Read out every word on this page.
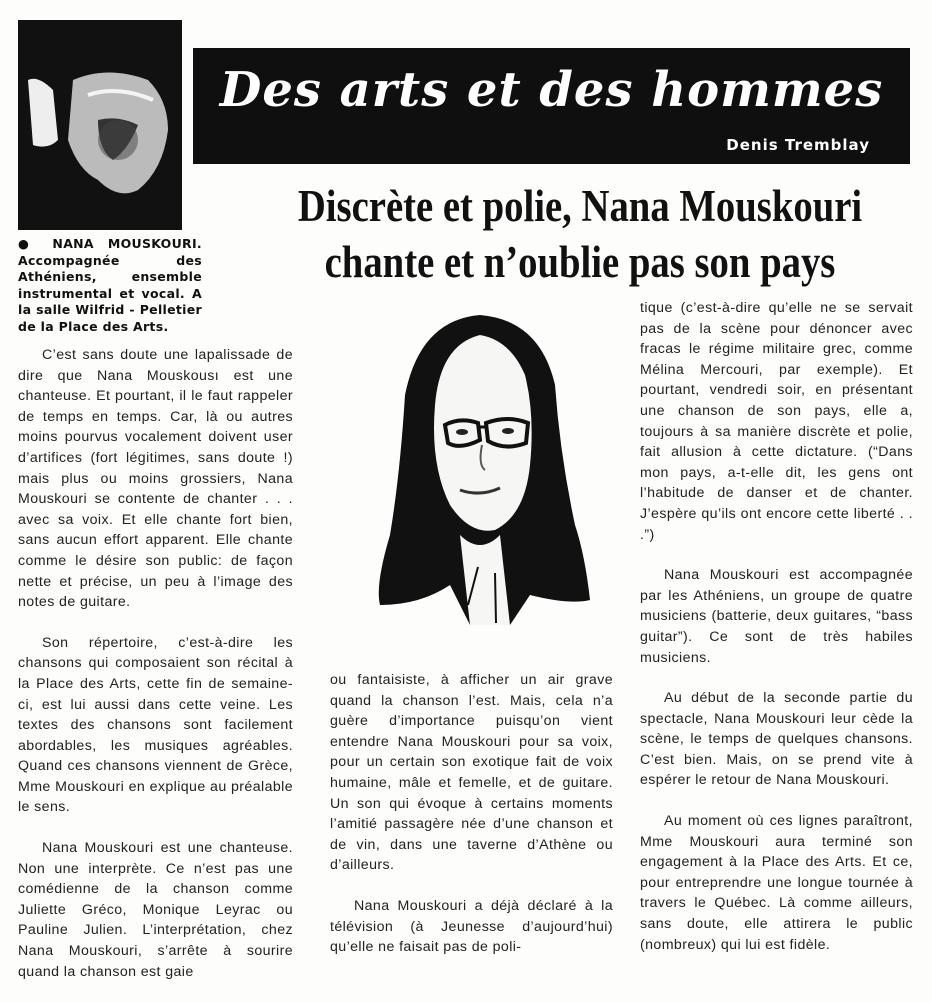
● NANA MOUSKOURI. Accompagnée des Athéniens, ensemble instrumental et vocal. A la salle Wilfrid - Pelletier de la Place des Arts.
Des arts et des hommes
Denis Tremblay
Discrète et polie, Nana Mouskouri
chante et n’oublie pas son pays

C’est sans doute une lapalissade de dire que Nana Mouskousı est une chanteuse. Et pourtant, il le faut rappeler de temps en temps. Car, là ou autres moins pourvus vocalement doivent user d’artifices (fort légitimes, sans doute !) mais plus ou moins grossiers, Nana Mouskouri se contente de chanter . . . avec sa voix. Et elle chante fort bien, sans aucun effort apparent. Elle chante comme le désire son public: de façon nette et précise, un peu à l’image des notes de guitare.

Son répertoire, c’est-à-dire les chansons qui composaient son récital à la Place des Arts, cette fin de semaine-ci, est lui aussi dans cette veine. Les textes des chansons sont facilement abordables, les musiques agréables. Quand ces chansons viennent de Grèce, Mme Mouskouri en explique au préalable le sens.

Nana Mouskouri est une chanteuse. Non une interprète. Ce n’est pas une comédienne de la chanson comme Juliette Gréco, Monique Leyrac ou Pauline Julien. L’interprétation, chez Nana Mouskouri, s’arrête à sourire quand la chanson est gaie

ou fantaisiste, à afficher un air grave quand la chanson l’est. Mais, cela n’a guère d’importance puisqu’on vient entendre Nana Mouskouri pour sa voix, pour un certain son exotique fait de voix humaine, mâle et femelle, et de guitare. Un son qui évoque à certains moments l’amitié passagère née d’une chanson et de vin, dans une taverne d’Athène ou d’ailleurs.

Nana Mouskouri a déjà déclaré à la télévision (à Jeunesse d’aujourd’hui) qu’elle ne faisait pas de poli-

tique (c’est-à-dire qu’elle ne se servait pas de la scène pour dénoncer avec fracas le régime militaire grec, comme Mélina Mercouri, par exemple). Et pourtant, vendredi soir, en présentant une chanson de son pays, elle a, toujours à sa manière discrète et polie, fait allusion à cette dictature. (“Dans mon pays, a-t-elle dit, les gens ont l’habitude de danser et de chanter. J’espère qu’ils ont encore cette liberté . . .”)

Nana Mouskouri est accompagnée par les Athéniens, un groupe de quatre musiciens (batterie, deux guitares, “bass guitar”). Ce sont de très habiles musiciens.

Au début de la seconde partie du spectacle, Nana Mouskouri leur cède la scène, le temps de quelques chansons. C’est bien. Mais, on se prend vite à espérer le retour de Nana Mouskouri.

Au moment où ces lignes paraîtront, Mme Mouskouri aura terminé son engagement à la Place des Arts. Et ce, pour entreprendre une longue tournée à travers le Québec. Là comme ailleurs, sans doute, elle attirera le public (nombreux) qui lui est fidèle.
